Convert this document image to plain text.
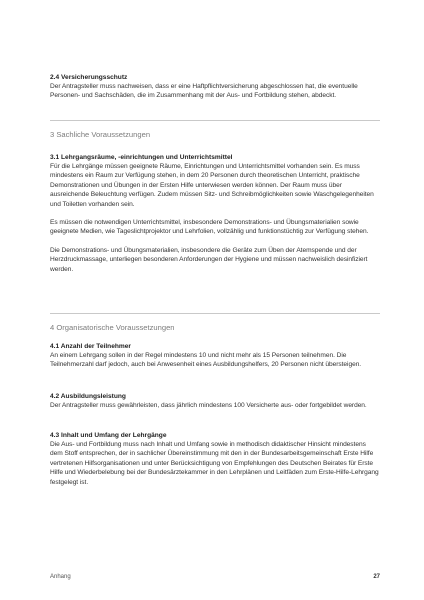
2.4 Versicherungsschutz

Der Antragsteller muss nachweisen, dass er eine Haftpflichtversicherung abgeschlossen hat, die eventuelle Personen- und Sachschäden, die im Zusammenhang mit der Aus- und Fortbildung stehen, abdeckt.

3 Sachliche Voraussetzungen

3.1 Lehrgangsräume, -einrichtungen und Unterrichtsmittel

Für die Lehrgänge müssen geeignete Räume, Einrichtungen und Unterrichtsmittel vorhanden sein. Es muss mindestens ein Raum zur Verfügung stehen, in dem 20 Personen durch theoretischen Unterricht, praktische Demonstrationen und Übungen in der Ersten Hilfe unterwiesen werden können. Der Raum muss über ausreichende Beleuchtung verfügen. Zudem müssen Sitz- und Schreibmöglichkeiten sowie Waschgelegenheiten und Toiletten vorhanden sein.

Es müssen die notwendigen Unterrichtsmittel, insbesondere Demonstrations- und Übungsmaterialien sowie geeignete Medien, wie Tageslichtprojektor und Lehrfolien, vollzählig und funktionstüchtig zur Verfügung stehen.

Die Demonstrations- und Übungsmaterialien, insbesondere die Geräte zum Üben der Atemspende und der Herzdruckmassage, unterliegen besonderen Anforderungen der Hygiene und müssen nachweislich desinfiziert werden.

4 Organisatorische Voraussetzungen

4.1 Anzahl der Teilnehmer

An einem Lehrgang sollen in der Regel mindestens 10 und nicht mehr als 15 Personen teilnehmen. Die Teilnehmerzahl darf jedoch, auch bei Anwesenheit eines Ausbildungshelfers, 20 Personen nicht übersteigen.

4.2 Ausbildungsleistung

Der Antragsteller muss gewährleisten, dass jährlich mindestens 100 Versicherte aus- oder fortgebildet werden.

4.3 Inhalt und Umfang der Lehrgänge

Die Aus- und Fortbildung muss nach Inhalt und Umfang sowie in methodisch didaktischer Hinsicht mindestens dem Stoff entsprechen, der in sachlicher Übereinstimmung mit den in der Bundesarbeitsgemeinschaft Erste Hilfe vertretenen Hilfsorganisationen und unter Berücksichtigung von Empfehlungen des Deutschen Beirates für Erste Hilfe und Wiederbelebung bei der Bundesärztekammer in den Lehrplänen und Leitfäden zum Erste-Hilfe-Lehrgang festgelegt ist.

Anhang	27
